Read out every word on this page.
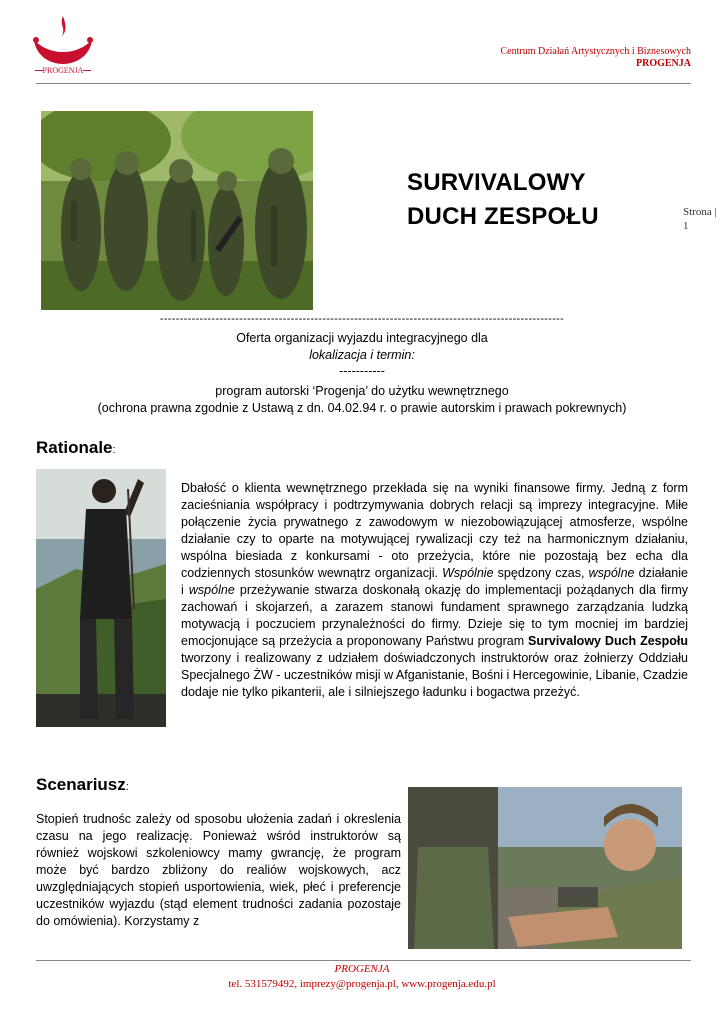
PROGENJA
Centrum Działań Artystycznych i Biznesowych
PROGENJA
SURVIVALOWY
DUCH ZESPOŁU	Strona |
1
------------------------------------------------------------------------------------------------------
Oferta organizacji wyjazdu integracyjnego dla
lokalizacja i termin:
-----------
program autorski ‘Progenja’ do użytku wewnętrznego
(ochrona prawna zgodnie z Ustawą z dn. 04.02.94 r. o prawie autorskim i prawach pokrewnych)
Rationale:
Dbałość o klienta wewnętrznego przekłada się na wyniki finansowe firmy. Jedną z form zacieśniania współpracy i podtrzymywania dobrych relacji są imprezy integracyjne. Miłe połączenie życia prywatnego z zawodowym w niezobowiązującej atmosferze, wspólne działanie czy to oparte na motywującej rywalizacji czy też na harmonicznym działaniu, wspólna biesiada z konkursami - oto przeżycia, które nie pozostają bez echa dla codziennych stosunków wewnątrz organizacji. Wspólnie spędzony czas, wspólne działanie i wspólne przeżywanie stwarza doskonałą okazję do implementacji pożądanych dla firmy zachowań i skojarzeń, a zarazem stanowi fundament sprawnego zarządzania ludzką motywacją i poczuciem przynależności do firmy. Dzieje się to tym mocniej im bardziej emocjonujące są przeżycia a proponowany Państwu program Survivalowy Duch Zespołu tworzony i realizowany z udziałem doświadczonych instruktorów oraz żołnierzy Oddziału Specjalnego ŻW - uczestników misji w Afganistanie, Bośni i Hercegowinie, Libanie, Czadzie dodaje nie tylko pikanterii, ale i silniejszego ładunku i bogactwa przeżyć.
Scenariusz:
Stopień trudnośc zależy od sposobu ułożenia zadań i okreslenia czasu na jego realizację. Ponieważ wśród instruktorów są również wojskowi szkoleniowcy mamy gwrancję, że program może być bardzo zbliżony do realiów wojskowych, acz uwzględniających stopień usportowienia, wiek, płeć i preferencje uczestników wyjazdu (stąd element trudności zadania pozostaje do omówienia). Korzystamy z
PROGENJA
tel. 531579492, imprezy@progenja.pl, www.progenja.edu.pl
